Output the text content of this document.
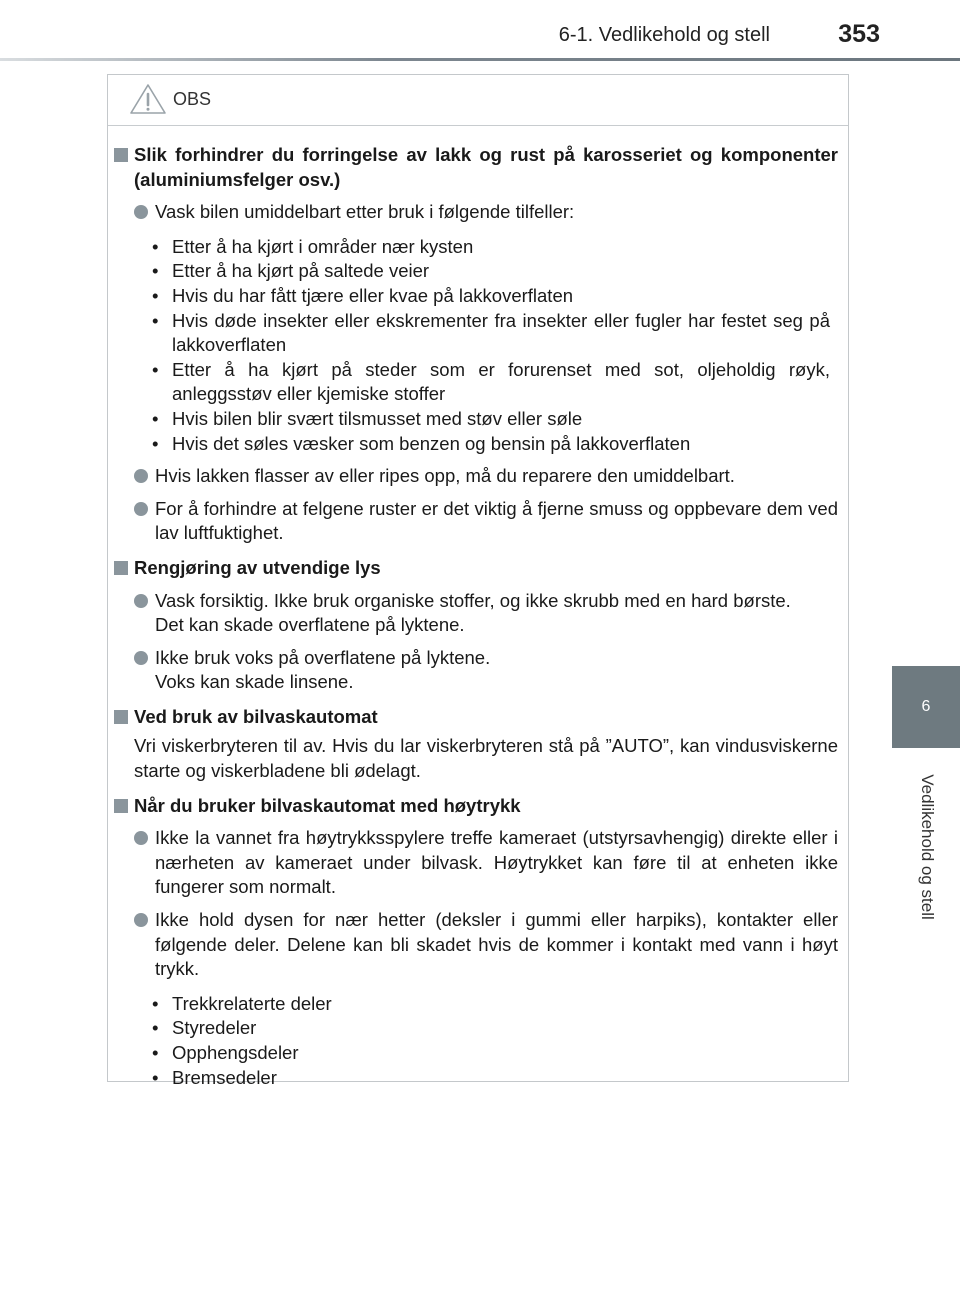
6-1. Vedlikehold og stell	353
6
Vedlikehold og stell
OBS
Slik forhindrer du forringelse av lakk og rust på karosseriet og komponenter (aluminiumsfelger osv.)
Vask bilen umiddelbart etter bruk i følgende tilfeller:
• Etter å ha kjørt i områder nær kysten
• Etter å ha kjørt på saltede veier
• Hvis du har fått tjære eller kvae på lakkoverflaten
• Hvis døde insekter eller ekskrementer fra insekter eller fugler har festet seg på lakkoverflaten
• Etter å ha kjørt på steder som er forurenset med sot, oljeholdig røyk, anleggsstøv eller kjemiske stoffer
• Hvis bilen blir svært tilsmusset med støv eller søle
• Hvis det søles væsker som benzen og bensin på lakkoverflaten
Hvis lakken flasser av eller ripes opp, må du reparere den umiddelbart.
For å forhindre at felgene ruster er det viktig å fjerne smuss og oppbevare dem ved lav luftfuktighet.
Rengjøring av utvendige lys
Vask forsiktig. Ikke bruk organiske stoffer, og ikke skrubb med en hard børste.
Det kan skade overflatene på lyktene.
Ikke bruk voks på overflatene på lyktene.
Voks kan skade linsene.
Ved bruk av bilvaskautomat
Vri viskerbryteren til av. Hvis du lar viskerbryteren stå på ”AUTO”, kan vindusviskerne starte og viskerbladene bli ødelagt.
Når du bruker bilvaskautomat med høytrykk
Ikke la vannet fra høytrykksspylere treffe kameraet (utstyrsavhengig) direkte eller i nærheten av kameraet under bilvask. Høytrykket kan føre til at enheten ikke fungerer som normalt.
Ikke hold dysen for nær hetter (deksler i gummi eller harpiks), kontakter eller følgende deler. Delene kan bli skadet hvis de kommer i kontakt med vann i høyt trykk.
• Trekkrelaterte deler
• Styredeler
• Opphengsdeler
• Bremsedeler
